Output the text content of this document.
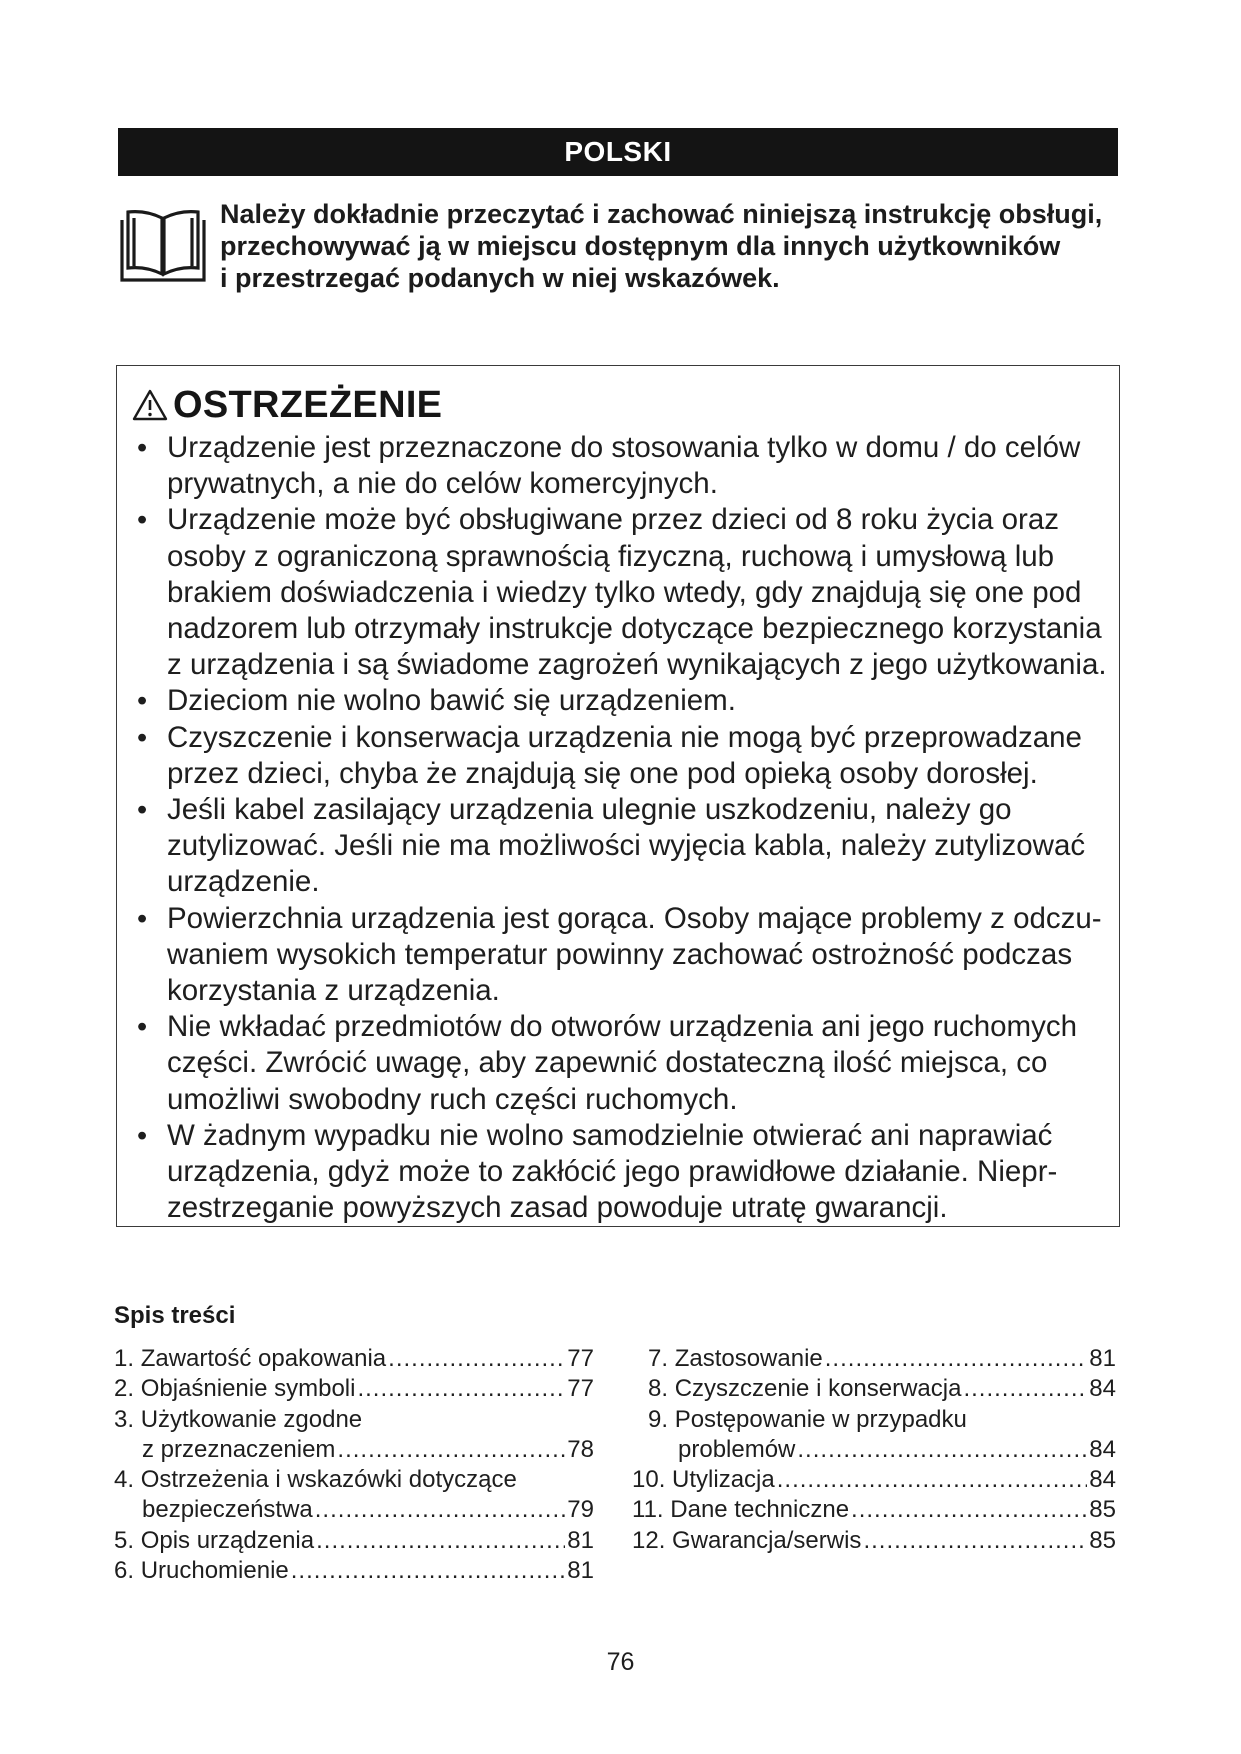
POLSKI
Należy dokładnie przeczytać i zachować niniejszą instrukcję obsługi,
przechowywać ją w miejscu dostępnym dla innych użytkowników
i przestrzegać podanych w niej wskazówek.
OSTRZEŻENIE
• Urządzenie jest przeznaczone do stosowania tylko w domu / do celów prywatnych, a nie do celów komercyjnych.
• Urządzenie może być obsługiwane przez dzieci od 8 roku życia oraz osoby z ograniczoną sprawnością fizyczną, ruchową i umysłową lub brakiem doświadczenia i wiedzy tylko wtedy, gdy znajdują się one pod nadzorem lub otrzymały instrukcje dotyczące bezpiecznego korzystania z urządzenia i są świadome zagrożeń wynikających z jego użytkowania.
• Dzieciom nie wolno bawić się urządzeniem.
• Czyszczenie i konserwacja urządzenia nie mogą być przeprowadzane przez dzieci, chyba że znajdują się one pod opieką osoby dorosłej.
• Jeśli kabel zasilający urządzenia ulegnie uszkodzeniu, należy go zutylizować. Jeśli nie ma możliwości wyjęcia kabla, należy zutylizować urządzenie.
• Powierzchnia urządzenia jest gorąca. Osoby mające problemy z odczu-waniem wysokich temperatur powinny zachować ostrożność podczas korzystania z urządzenia.
• Nie wkładać przedmiotów do otworów urządzenia ani jego ruchomych części. Zwrócić uwagę, aby zapewnić dostateczną ilość miejsca, co umożliwi swobodny ruch części ruchomych.
• W żadnym wypadku nie wolno samodzielnie otwierać ani naprawiać urządzenia, gdyż może to zakłócić jego prawidłowe działanie. Niepr-zestrzeganie powyższych zasad powoduje utratę gwarancji.
Spis treści
1.
Zawartość opakowania .....	77
2.
Objaśnienie symboli .....	77
3. Użytkowanie zgodne
z przeznaczeniem .....	78
4. Ostrzeżenia i wskazówki dotyczące
bezpieczeństwa .....	79
5.
Opis urządzenia .....	81
6.
Uruchomienie .....	81
7.
Zastosowanie .....	81
8.
Czyszczenie i konserwacja .....	84
9. Postępowanie w przypadku
problemów .....	84
10.
Utylizacja .....	84
11.
Dane techniczne .....	85
12.
Gwarancja/serwis .....	85
76
